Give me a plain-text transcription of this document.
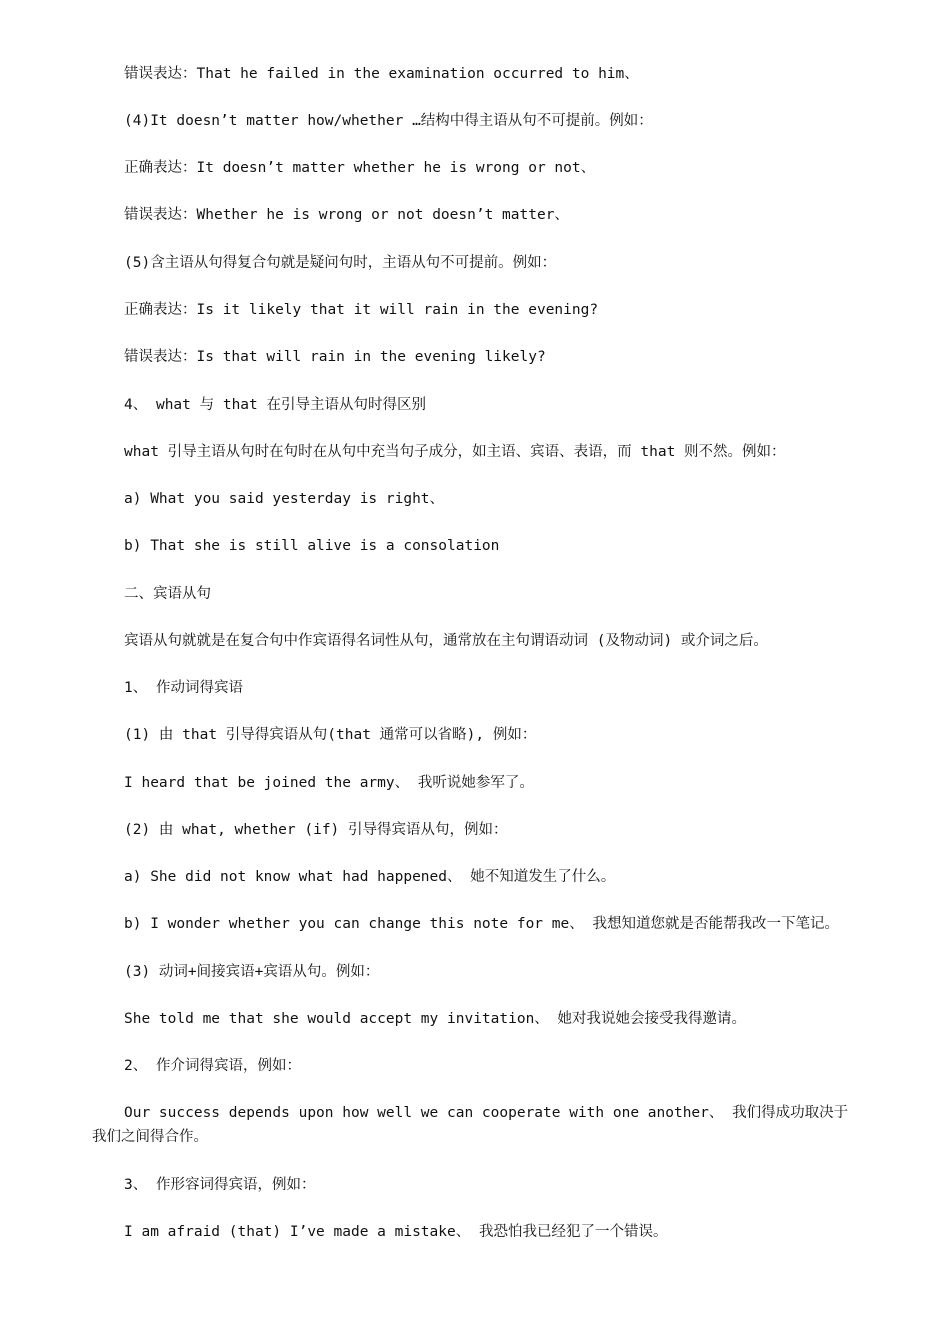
错误表达：That he failed in the examination occurred to him、
(4)It doesn’t matter how/whether …结构中得主语从句不可提前。例如：
正确表达：It doesn’t matter whether he is wrong or not、
错误表达：Whether he is wrong or not doesn’t matter、
(5)含主语从句得复合句就是疑问句时，主语从句不可提前。例如：
正确表达：Is it likely that it will rain in the evening?
错误表达：Is that will rain in the evening likely?
4、 what 与 that 在引导主语从句时得区别
what 引导主语从句时在句时在从句中充当句子成分，如主语、宾语、表语，而 that 则不然。例如：
a) What you said yesterday is right、
b) That she is still alive is a consolation
二、宾语从句
宾语从句就就是在复合句中作宾语得名词性从句，通常放在主句谓语动词 (及物动词) 或介词之后。
1、 作动词得宾语
(1) 由 that 引导得宾语从句(that 通常可以省略), 例如：
I heard that be joined the army、 我听说她参军了。
(2) 由 what, whether (if) 引导得宾语从句，例如：
a) She did not know what had happened、 她不知道发生了什么。
b) I wonder whether you can change this note for me、 我想知道您就是否能帮我改一下笔记。
(3) 动词+间接宾语+宾语从句。例如：
She told me that she would accept my invitation、 她对我说她会接受我得邀请。
2、 作介词得宾语，例如：
Our success depends upon how well we can cooperate with one another、 我们得成功取决于我们之间得合作。
3、 作形容词得宾语，例如：
I am afraid (that) I’ve made a mistake、 我恐怕我已经犯了一个错误。
